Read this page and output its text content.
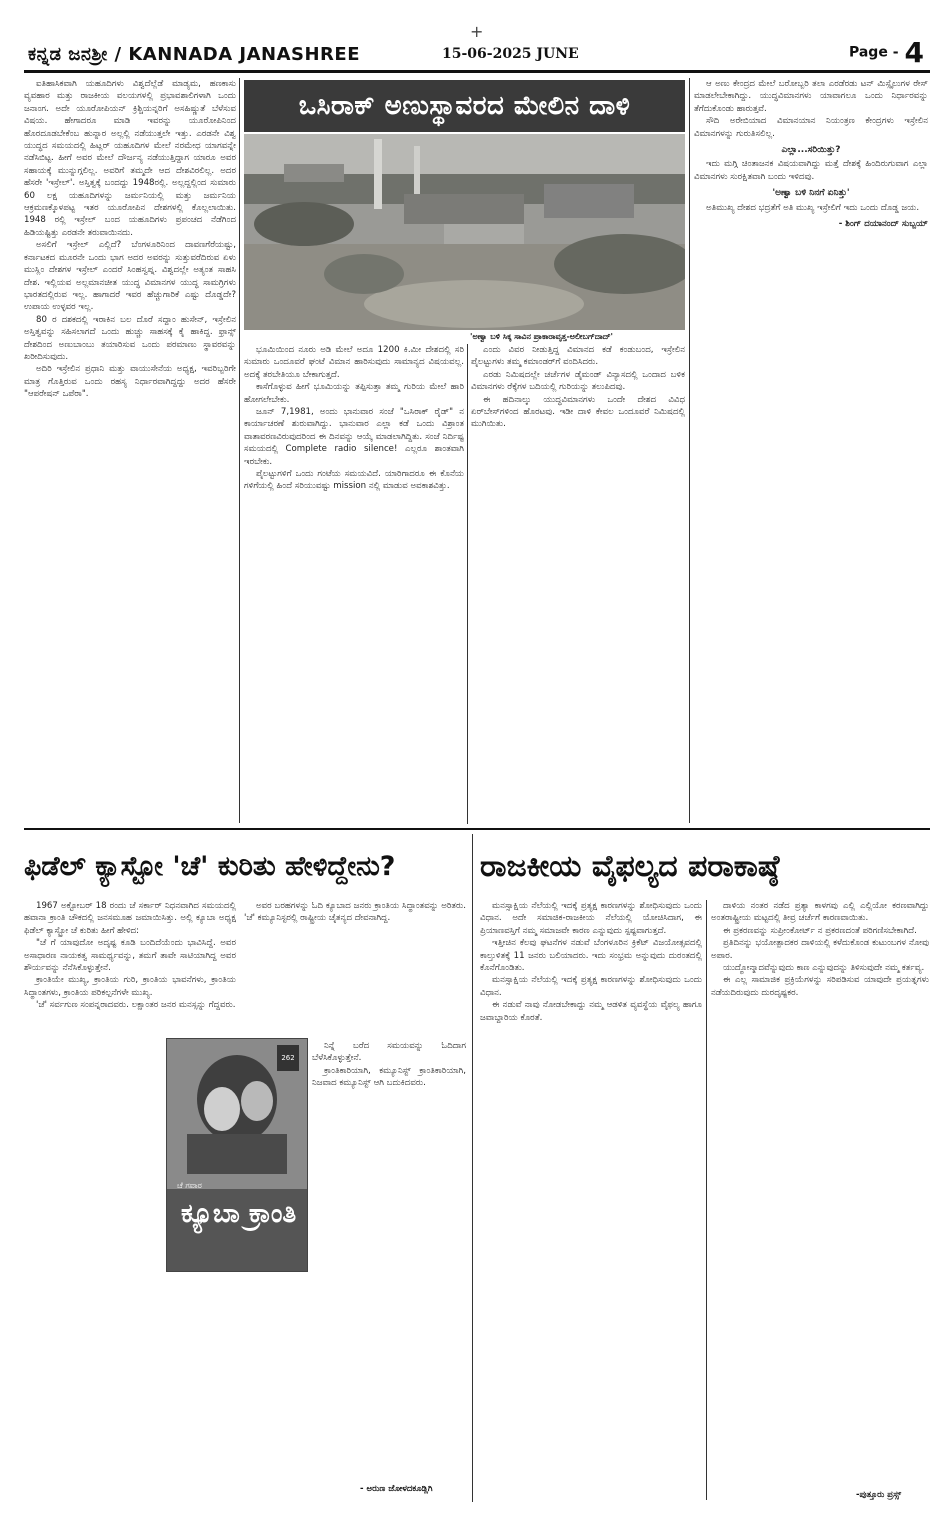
+
ಕನ್ನಡ ಜನಶ್ರೀ / KANNADA JANASHREE	15-06-2025 JUNE	Page - 4

ಐತಿಹಾಸಿಕವಾಗಿ ಯಹೂದಿಗಳು ವಿಶ್ವದೆಲ್ಲೆಡೆ ಮಾಡ್ಯಮ, ಹಣಕಾಸು ವ್ಯವಹಾರ ಮತ್ತು ರಾಜಕೀಯ ವಲಯಗಳಲ್ಲಿ ಪ್ರಭಾವಶಾಲಿಗಳಾಗಿ ಒಂದು ಜನಾಂಗ. ಅದೇ ಯೂರೋಪಿಯನ್ ಕ್ರಿಶ್ಚಿಯನ್ನರಿಗೆ ಅಸಹಿಷ್ಣುತೆ ಬೆಳೆಸುವ ವಿಷಯ. ಹೇಗಾದರೂ ಮಾಡಿ ಇವರನ್ನು ಯೂರೋಪಿನಿಂದ ಹೊರದೂಡಬೇಕೆಂಬ ಹುನ್ನಾರ ಅಲ್ಲಲ್ಲಿ ನಡೆಯುತ್ತಲೇ ಇತ್ತು. ಎರಡನೇ ವಿಶ್ವ ಯುದ್ಧದ ಸಮಯದಲ್ಲಿ ಹಿಟ್ಲರ್ ಯಹೂದಿಗಳ ಮೇಲೆ ನರಮೇಧ ಯಾಗವನ್ನೇ ನಡೆಸಿಬಿಟ್ಟ. ಹೀಗೆ ಅವರ ಮೇಲೆ ದೌರ್ಜನ್ಯ ನಡೆಯುತ್ತಿದ್ದಾಗ ಯಾರೂ ಅವರ ಸಹಾಯಕ್ಕೆ ಮುನ್ನುಗ್ಗಲಿಲ್ಲ. ಅವರಿಗೆ ತಮ್ಮದೇ ಆದ ದೇಶವಿರಲಿಲ್ಲ. ಅದರ ಹೆಸರೇ 'ಇಸ್ರೇಲ್'. ಅಸ್ತಿತ್ವಕ್ಕೆ ಬಂದದ್ದು 1948ರಲ್ಲಿ. ಅಲ್ಲದ್ದಲ್ಲಿಂದ ಸುಮಾರು 60 ಲಕ್ಷ ಯಹೂದಿಗಳನ್ನು ಜರ್ಮನಿಯಲ್ಲಿ ಮತ್ತು ಜರ್ಮನಿಯ ಆಕ್ರಮಣಕ್ಕೊಳಪಟ್ಟ ಇತರ ಯೂರೋಪಿನ ದೇಶಗಳಲ್ಲಿ ಕೊಲ್ಲಲಾಯಿತು. 1948 ರಲ್ಲಿ ಇಸ್ರೇಲ್ ಬಂದ ಯಹೂದಿಗಳು ಪ್ರಪಂಚದ ನೆಡೆಗಿಂದ ಹಿಡಿಯಷ್ಟಿತ್ತು ಎರಡನೇ ತರುವಾಯಿನದು.

ಅಸಲಿಗೆ ಇಸ್ರೇಲ್ ಎಲ್ಲಿದೆ? ಬೆಂಗಳೂರಿನಿಂದ ದಾವಣಗೆರೆಯಷ್ಟು, ಕರ್ನಾಟಕದ ಮೂರನೇ ಒಂದು ಭಾಗ ಅದರ ಅವರನ್ನು ಸುತ್ತುವರೆದಿರುವ ಏಳು ಮುಸ್ಲಿಂ ದೇಶಗಳ ಇಸ್ರೇಲ್ ಎಂದರೆ ಸಿಂಹಸ್ವಪ್ನ. ವಿಶ್ವದಲ್ಲೇ ಅತ್ಯಂತ ಸಾಹಸಿ ದೇಶ. ಇಲ್ಲಿಯವ ಅಲ್ಲಮಾನಚೀತ ಯುದ್ಧ ವಿಮಾನಗಳ ಯುದ್ಧ ಸಾಮಗ್ರಿಗಳು ಭಾರತದಲ್ಲಿರುವ ಇಲ್ಲ. ಹಾಗಾದರೆ ಇವರ ಹೆಚ್ಚುಗಾರಿಕೆ ಎಷ್ಟು ದೊಡ್ಡದೇ? ಉಪಾಯ ಉಳ್ಳವರ ಇಲ್ಲ.

80 ರ ದಶಕದಲ್ಲಿ ಇರಾಕಿನ ಬಲ ದೊರೆ ಸದ್ದಾಂ ಹುಸೇನ್, ಇಸ್ರೇಲಿನ ಅಸ್ತಿತ್ವವನ್ನು ಸಹಿಸಲಾಗದೆ ಒಂದು ಹುಚ್ಚು ಸಾಹಸಕ್ಕೆ ಕೈ ಹಾಕಿದ್ದ. ಫ್ರಾನ್ಸ್ ದೇಶದಿಂದ ಅಣುಬಾಂಬು ತಯಾರಿಸುವ ಒಂದು ಪರಮಾಣು ಸ್ಥಾವರವನ್ನು ಖರೀದಿಸುವುದು.

ಅದಿರಿ ಇಸ್ರೇಲಿನ ಪ್ರಧಾನಿ ಮತ್ತು ವಾಯುಸೇನೆಯ ಅಧ್ಯಕ್ಷ, ಇವರಿಬ್ಬರಿಗೇ ಮಾತ್ರ ಗೊತ್ತಿರುವ ಒಂದು ರಹಸ್ಯ ನಿರ್ಧಾರವಾಗಿದ್ದದ್ದು ಅದರ ಹೆಸರೇ "ಆಪರೇಷನ್ ಒಪೆರಾ".

ಒಸಿರಾಕ್ ಅಣುಸ್ಥಾವರದ ಮೇಲಿನ ದಾಳಿ
'ಅಣ್ವಾ ಬಳಿ ಸಿಕ್ಕ ಸಾವಿನ ಪ್ರಾಕಾರಾವೃತ್ತ-ಅಲೀಬಗ್‌ದಾದ್'

ಭೂಮಿಯಿಂದ ನೂರು ಅಡಿ ಮೇಲೆ ಅದೂ 1200 ಕಿ.ಮೀ ದೇಶದಲ್ಲಿ ಸರಿ ಸುಮಾರು ಒಂದೂವರೆ ಘಂಟೆ ವಿಮಾನ ಹಾರಿಸುವುದು ಸಾಮಾನ್ಯದ ವಿಷಯವಲ್ಲ. ಅದಕ್ಕೆ ತರಬೇತಿಯೂ ಬೇಕಾಗುತ್ತದೆ.

ಕಾಸೆಗೊಳ್ಳುವ ಹೀಗೆ ಭೂಮಿಯನ್ನು ತಪ್ಪಿಸುತ್ತಾ ತಮ್ಮ ಗುರಿಯ ಮೇಲೆ ಹಾರಿ ಹೋಗಲೇಬೇಕು.

ಜೂನ್ 7,1981, ಅಂದು ಭಾನುವಾರ ಸಂಜೆ "ಒಸಿರಾಕ್ ರೈಡ್" ನ ಕಾರ್ಯಾಚರಣೆ ಶುರುವಾಗಿದ್ದು. ಭಾನುವಾರ ಎಲ್ಲಾ ಕಡೆ ಒಂದು ವಿಶ್ರಾಂತ ವಾತಾವರಣವಿರುವುದರಿಂದ ಈ ದಿನವನ್ನು ಆಯ್ಕೆ ಮಾಡಲಾಗಿದ್ದಿತು. ಸಂಜೆ ನಿರ್ದಿಷ್ಟ ಸಮಯದಲ್ಲಿ Complete radio silence! ಎಲ್ಲರೂ ಶಾಂತವಾಗಿ ಇರಬೇಕು.

ಪೈಲಟ್ಟುಗಳಿಗೆ ಒಂದು ಗಂಟೆಯ ಸಮಯವಿದೆ. ಯಾರಿಗಾದರೂ ಈ ಕೊನೆಯ ಗಳಿಗೆಯಲ್ಲಿ ಹಿಂದೆ ಸರಿಯುವಷ್ಟು mission ನಲ್ಲಿ ಮಾಡುವ ಅವಕಾಶವಿತ್ತು.

ಎಂದು ವಿವರ ನೀಡುತ್ತಿದ್ದ ವಿಮಾನದ ಕಡೆ ಕಂಡುಬಂದ, ಇಸ್ರೇಲಿನ ಪೈಲಟ್ಟುಗಳು ತಮ್ಮ ಕಮಾಂಡರ್‌ಗೆ ವಂದಿಸಿದರು.

ಎರಡು ನಿಮಿಷದಲ್ಲೇ ಚರ್ಚೆಗಳ ಡೈಮಂಡ್ ವಿನ್ಯಾಸದಲ್ಲಿ ಒಂದಾದ ಬಳಿಕ ವಿಮಾನಗಳು ರೆಕ್ಕೆಗಳ ಬದಿಯಲ್ಲಿ ಗುರಿಯನ್ನು ತಲುಪಿದವು.

ಈ ಹದಿನಾಲ್ಕು ಯುದ್ಧವಿಮಾನಗಳು ಒಂದೇ ದೇಶದ ವಿವಿಧ ಏರ್‌ಬೇಸ್‌ಗಳಿಂದ ಹೊರಟವು. ಇಡೀ ದಾಳಿ ಕೇವಲ ಒಂದೂವರೆ ನಿಮಿಷದಲ್ಲಿ ಮುಗಿಯಿತು.

ಆ ಅಣು ಕೇಂದ್ರದ ಮೇಲೆ ಬರೋಬ್ಬರಿ ತಲಾ ಎರಡೆರಡು ಟನ್ ಮಿಸ್ಸೈಲುಗಳ ರೇಸ್ ಮಾಡಲೇಬೇಕಾಗಿದ್ದು. ಯುದ್ಧವಿಮಾನಗಳು ಯಾವಾಗಲೂ ಒಂದು ನಿರ್ಧಾರವನ್ನು ತೆಗೆದುಕೊಂಡು ಹಾರುತ್ತವೆ.

ಸೌದಿ ಅರೇಬಿಯಾದ ವಿಮಾನಯಾನ ನಿಯಂತ್ರಣ ಕೇಂದ್ರಗಳು ಇಸ್ರೇಲಿನ ವಿಮಾನಗಳನ್ನು ಗುರುತಿಸಲಿಲ್ಲ.

ಎಲ್ಲಾ...ಸರಿಯಿತ್ತು?

ಇದು ಮಗ್ಗಿ ಚಿಂತಾಜನಕ ವಿಷಯವಾಗಿದ್ದು ಮತ್ತೆ ದೇಶಕ್ಕೆ ಹಿಂದಿರುಗುವಾಗ ಎಲ್ಲಾ ವಿಮಾನಗಳು ಸುರಕ್ಷಿತವಾಗಿ ಬಂದು ಇಳಿದವು.

'ಅಣ್ವಾ ಬಳಿ ನಿನಗೆ ಏನಿತ್ತು'

ಅತಿಮುಖ್ಯ ದೇಶದ ಭದ್ರತೆಗೆ ಅತಿ ಮುಖ್ಯ ಇಸ್ರೇಲಿಗೆ ಇದು ಒಂದು ದೊಡ್ಡ ಜಯ.

- ಶಿಂಗ್ ದಯಾನಂದ್ ಸುಬ್ಬಯ್
ಫಿಡೆಲ್ ಕ್ಯಾಸ್ಟೋ 'ಚೆ' ಕುರಿತು ಹೇಳಿದ್ದೇನು?

1967 ಅಕ್ಟೋಬರ್ 18 ರಂದು ಚೆ ಸರ್ಕಾರ್ ನಿಧನವಾಗಿದ ಸಮಯದಲ್ಲಿ ಹವಾನಾ ಕ್ರಾಂತಿ ಚೌಕದಲ್ಲಿ ಜನಸಮೂಹ ಜಮಾಯಿಸಿತ್ತು. ಅಲ್ಲಿ ಕ್ಯೂಬಾ ಅಧ್ಯಕ್ಷ ಫಿಡೆಲ್ ಕ್ಯಾಸ್ಟ್ರೋ ಚೆ ಕುರಿತು ಹೀಗೆ ಹೇಳಿದ:

"ಚೆ ಗೆ ಯಾವುದೋ ಅದೃಷ್ಟ ಕೂಡಿ ಬಂದಿದೆಯೆಂದು ಭಾವಿಸಿದ್ದೆ. ಅವರ ಅಸಾಧಾರಣ ನಾಯಕತ್ವ ಸಾಮರ್ಥ್ಯವನ್ನು, ತಮಗೆ ತಾವೇ ಸಾಟಿಯಾಗಿದ್ದ ಅವರ ಶೌರ್ಯವನ್ನು ನೆನೆಸಿಕೊಳ್ಳುತ್ತೇನೆ.

ಕ್ರಾಂತಿಯೇ ಮುಖ್ಯ, ಕ್ರಾಂತಿಯ ಗುರಿ, ಕ್ರಾಂತಿಯ ಭಾವನೆಗಳು, ಕ್ರಾಂತಿಯ ಸಿದ್ಧಾಂತಗಳು, ಕ್ರಾಂತಿಯ ಪರಿಕಲ್ಪನೆಗಳೇ ಮುಖ್ಯ.

'ಚೆ' ಸರ್ವಗುಣ ಸಂಪನ್ನರಾದವರು. ಲಕ್ಷಾಂತರ ಜನರ ಮನಸ್ಸನ್ನು ಗೆದ್ದವರು.

ಅವರ ಬರಹಗಳನ್ನು ಓದಿ ಕ್ಯೂಬಾದ ಜನರು ಕ್ರಾಂತಿಯ ಸಿದ್ಧಾಂತವನ್ನು ಅರಿತರು. 'ಚೆ' ಕಮ್ಯೂನಿಸ್ಟರಲ್ಲಿ ರಾಷ್ಟ್ರೀಯ ಚೈತನ್ಯದ ದೇವನಾಗಿದ್ದ.

262
ಚೆ ಗವಾರ
ಕ್ಯೂಬಾ ಕ್ರಾಂತಿ

ನಿನ್ನೆ ಬರೆದ ಸಮಯವನ್ನು ಓದಿದಾಗ ಬೆಳೆಸಿಕೊಳ್ಳುತ್ತೇನೆ.

ಕ್ರಾಂತಿಕಾರಿಯಾಗಿ, ಕಮ್ಯೂನಿಸ್ಟ್ ಕ್ರಾಂತಿಕಾರಿಯಾಗಿ, ನಿಜವಾದ ಕಮ್ಯೂನಿಸ್ಟ್ ಆಗಿ ಬದುಕಿದವರು.

- ಅರುಣ ಜೋಳದಕೂಡ್ಲಿಗಿ
ರಾಜಕೀಯ ವೈಫಲ್ಯದ ಪರಾಕಾಷ್ಠೆ

ಮನಸ್ಸಾಕ್ಷಿಯ ನೆಲೆಯಲ್ಲಿ ಇದಕ್ಕೆ ಪ್ರತ್ಯಕ್ಷ ಕಾರಣಗಳನ್ನು ಶೋಧಿಸುವುದು ಒಂದು ವಿಧಾನ. ಅದೇ ಸಮಾಜಿಕ-ರಾಜಕೀಯ ನೆಲೆಯಲ್ಲಿ ಯೋಚಿಸಿದಾಗ, ಈ ಪ್ರಿಯಾಣವಸ್ತಿಗೆ ನಮ್ಮ ಸಮಾಜವೇ ಕಾರಣ ಎನ್ನುವುದು ಸ್ಪಷ್ಟವಾಗುತ್ತದೆ.

ಇತ್ತೀಚಿನ ಕೆಲವು ಘಟನೆಗಳ ನಡುವೆ ಬೆಂಗಳೂರಿನ ಕ್ರಿಕೆಟ್ ವಿಜಯೋತ್ಸವದಲ್ಲಿ ಕಾಲ್ತುಳಿತಕ್ಕೆ 11 ಜನರು ಬಲಿಯಾದರು. ಇದು ಸಂಭ್ರಮ ಅನ್ನುವುದು ದುರಂತದಲ್ಲಿ ಕೊನೆಗೊಂಡಿತು.

ಮನಸ್ಸಾಕ್ಷಿಯ ನೆಲೆಯಲ್ಲಿ ಇದಕ್ಕೆ ಪ್ರತ್ಯಕ್ಷ ಕಾರಣಗಳನ್ನು ಶೋಧಿಸುವುದು ಒಂದು ವಿಧಾನ.

ಈ ನಡುವೆ ನಾವು ನೋಡಬೇಕಾದ್ದು ನಮ್ಮ ಆಡಳಿತ ವ್ಯವಸ್ಥೆಯ ವೈಫಲ್ಯ ಹಾಗೂ ಜವಾಬ್ದಾರಿಯ ಕೊರತೆ.

ದಾಳಿಯ ನಂತರ ನಡೆದ ಪ್ರತ್ಯಾ ಕಾಳಗವು ಎಲ್ಲಿ ಎಲ್ಲಿಯೋ ಕರಣವಾಗಿದ್ದು ಅಂತರಾಷ್ಟ್ರೀಯ ಮಟ್ಟದಲ್ಲಿ ತೀವ್ರ ಚರ್ಚೆಗೆ ಕಾರಣವಾಯಿತು.

ಈ ಪ್ರಕರಣವನ್ನು ಸುಪ್ರೀಂಕೋರ್ಟ್ ನ ಪ್ರಕರಣದಂತೆ ಪರಿಗಣಿಸಬೇಕಾಗಿದೆ.

ಪ್ರತಿದಿನನ್ನು ಭಯೋತ್ಪಾದಕರ ದಾಳಿಯಲ್ಲಿ ಕಳೆದುಕೊಂಡ ಕುಟುಂಬಗಳ ನೋವು ಅಪಾರ.

ಯುದ್ಧೋನ್ಮಾದವೆನ್ನುವುದು ಕಾಣ ಎನ್ನುವುದನ್ನು ತಿಳಿಸುವುದೇ ನಮ್ಮ ಕರ್ತವ್ಯ.

ಈ ಎಲ್ಲ ಸಾಮಾಜಿಕ ಪ್ರಕ್ರಿಯೆಗಳನ್ನು ಸರಿಪಡಿಸುವ ಯಾವುದೇ ಪ್ರಯತ್ನಗಳು ನಡೆಯದಿರುವುದು ದುರದೃಷ್ಟಕರ.

-ಪುತ್ತೂರು ಪ್ರಸ್ಸ್
